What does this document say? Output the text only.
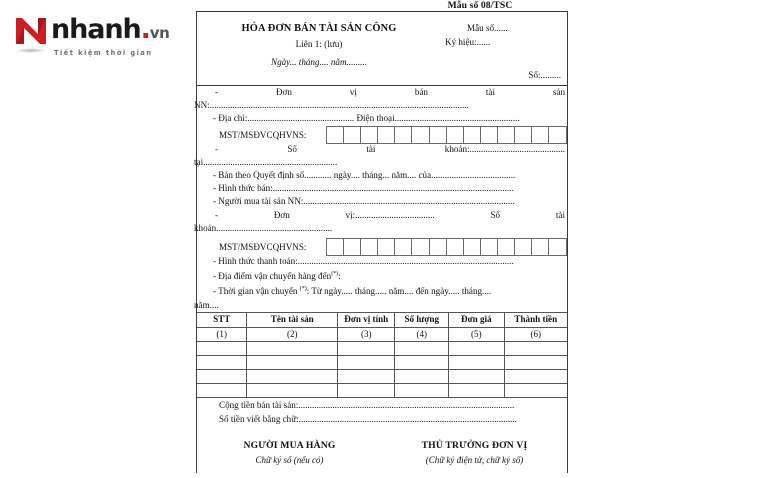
nhanh.vn
Tiết kiệm thời gian
Mẫu số 08/TSC
HÓA ĐƠN BÁN TÀI SẢN CÔNG
Liên 1: (lưu)
Ngày... tháng.... năm.........
Mẫu số......
Ký hiệu:......
Số:.........
-	Đơn	vị	bán	tài	sản
NN:..................................................................................................................
- Địa chỉ:............................................... Điện thoại.......................................................
MST/MSĐVCQHVNS:
-	Số	tài	khoản:..........................................
tại...........................................................
- Bán theo Quyết định số............ ngày.... tháng... năm.... của.....................................
- Hình thức bán:..........................................................................................................
- Người mua tài sản NN:.............................................................................................
-	Đơn	vị:...................................	Số	tài
khoản...................................................
MST/MSĐVCQHVNS:
- Hình thức thanh toán:...............................................................................................
- Địa điểm vận chuyển hàng đến(*):
- Thời gian vận chuyển (*): Từ ngày..... tháng..... năm.... đến ngày..... tháng....
năm....
STT	Tên tài sản	Đơn vị tính	Số lượng	Đơn giá	Thành tiền
(1)	(2)	(3)	(4)	(5)	(6)

Cộng tiền bán tài sản:...............................................................................................
Số tiền viết bằng chữ:................................................................................................
NGƯỜI MUA HÀNG
Chữ ký số (nếu có)
THỦ TRƯỞNG ĐƠN VỊ
(Chữ ký điện tử, chữ ký số)
